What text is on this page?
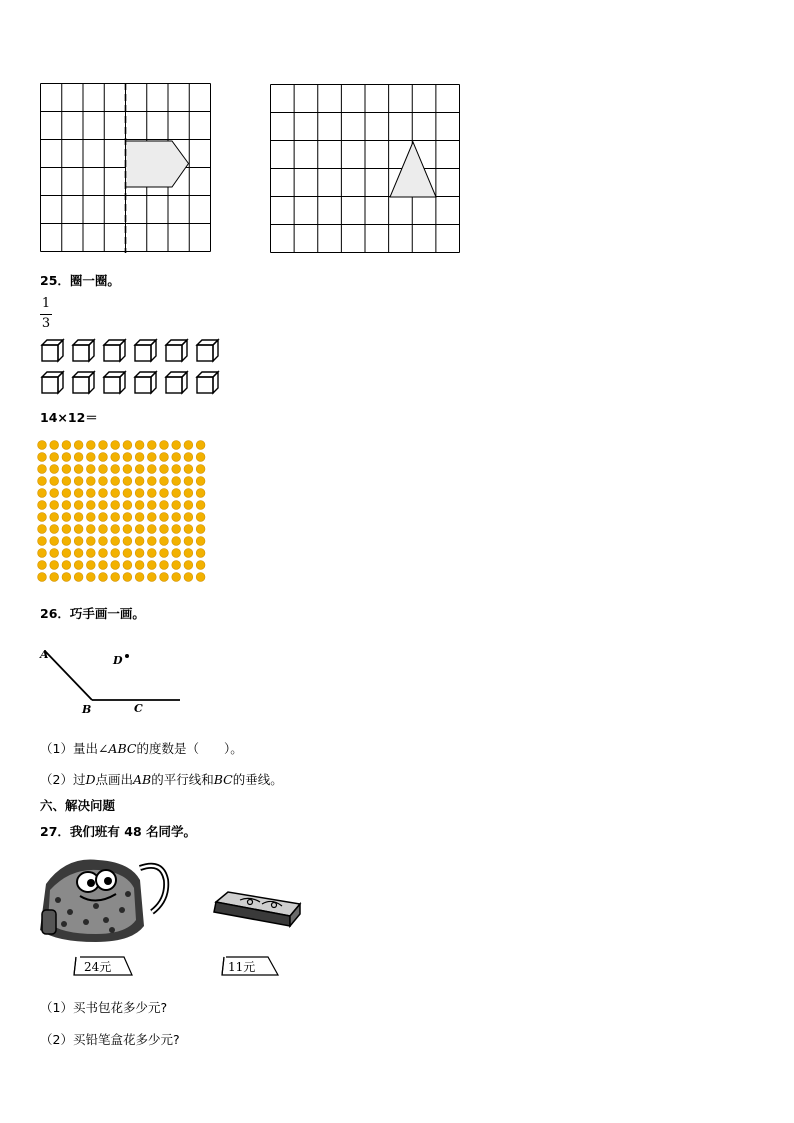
25．圈一圈。
1
3
14×12＝
26．巧手画一画。
A
B	C
D
（1）量出∠ABC的度数是（　　）。
（2）过D点画出AB的平行线和BC的垂线。
六、解决问题
27．我们班有 48 名同学。
24元	11元
（1）买书包花多少元?
（2）买铅笔盒花多少元?
